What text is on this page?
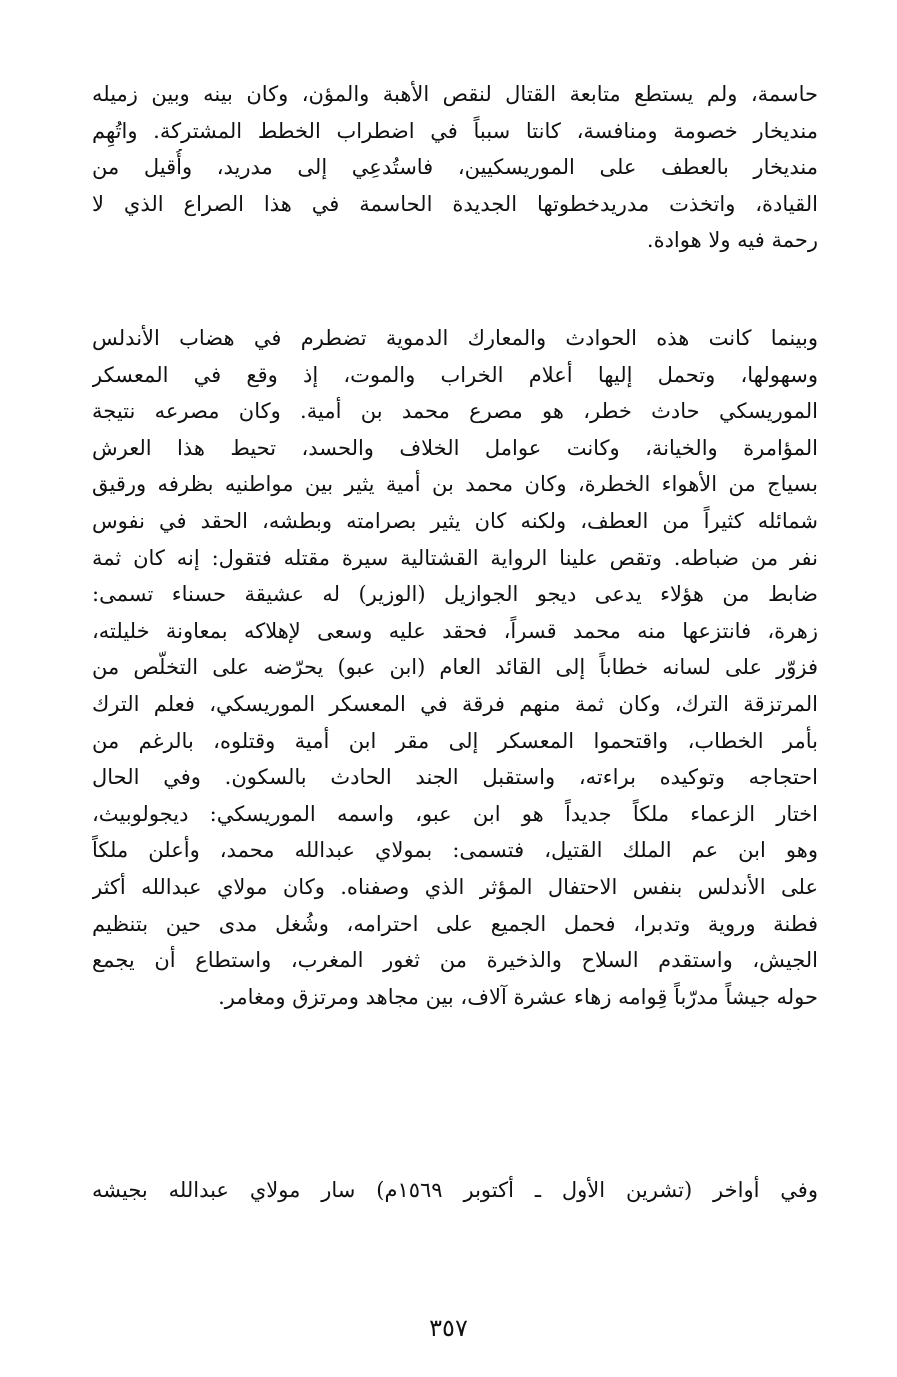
حاسمة، ولم يستطع متابعة القتال لنقص الأهبة والمؤن، وكان بينه وبين زميله
منديخار خصومة ومنافسة، كانتا سبباً في اضطراب الخطط المشتركة. واتُهِم
منديخار بالعطف على الموريسكيين، فاستُدعِي إلى مدريد، وأُقيل من
القيادة، واتخذت مدريدخطوتها الجديدة الحاسمة في هذا الصراع الذي لا
رحمة فيه ولا هوادة.
وبينما كانت هذه الحوادث والمعارك الدموية تضطرم في هضاب الأندلس
وسهولها، وتحمل إليها أعلام الخراب والموت، إذ وقع في المعسكر
الموريسكي حادث خطر، هو مصرع محمد بن أمية. وكان مصرعه نتيجة
المؤامرة والخيانة، وكانت عوامل الخلاف والحسد، تحيط هذا العرش
بسياج من الأهواء الخطرة، وكان محمد بن أمية يثير بين مواطنيه بظرفه ورقيق
شمائله كثيراً من العطف، ولكنه كان يثير بصرامته وبطشه، الحقد في نفوس
نفر من ضباطه. وتقص علينا الرواية القشتالية سيرة مقتله فتقول: إنه كان ثمة
ضابط من هؤلاء يدعى ديجو الجوازيل (الوزير) له عشيقة حسناء تسمى:
زهرة، فانتزعها منه محمد قسراً، فحقد عليه وسعى لإهلاكه بمعاونة خليلته،
فزوّر على لسانه خطاباً إلى القائد العام (ابن عبو) يحرّضه على التخلّص من
المرتزقة الترك، وكان ثمة منهم فرقة في المعسكر الموريسكي، فعلم الترك
بأمر الخطاب، واقتحموا المعسكر إلى مقر ابن أمية وقتلوه، بالرغم من
احتجاجه وتوكيده براءته، واستقبل الجند الحادث بالسكون. وفي الحال
اختار الزعماء ملكاً جديداً هو ابن عبو، واسمه الموريسكي: ديجولوبيث،
وهو ابن عم الملك القتيل، فتسمى: بمولاي عبدالله محمد، وأعلن ملكاً
على الأندلس بنفس الاحتفال المؤثر الذي وصفناه. وكان مولاي عبدالله أكثر
فطنة وروية وتدبرا، فحمل الجميع على احترامه، وشُغل مدى حين بتنظيم
الجيش، واستقدم السلاح والذخيرة من ثغور المغرب، واستطاع أن يجمع
حوله جيشاً مدرّباً قِوامه زهاء عشرة آلاف، بين مجاهد ومرتزق ومغامر.
وفي أواخر (تشرين الأول ـ أكتوبر ١٥٦٩م) سار مولاي عبدالله بجيشه
٣٥٧
